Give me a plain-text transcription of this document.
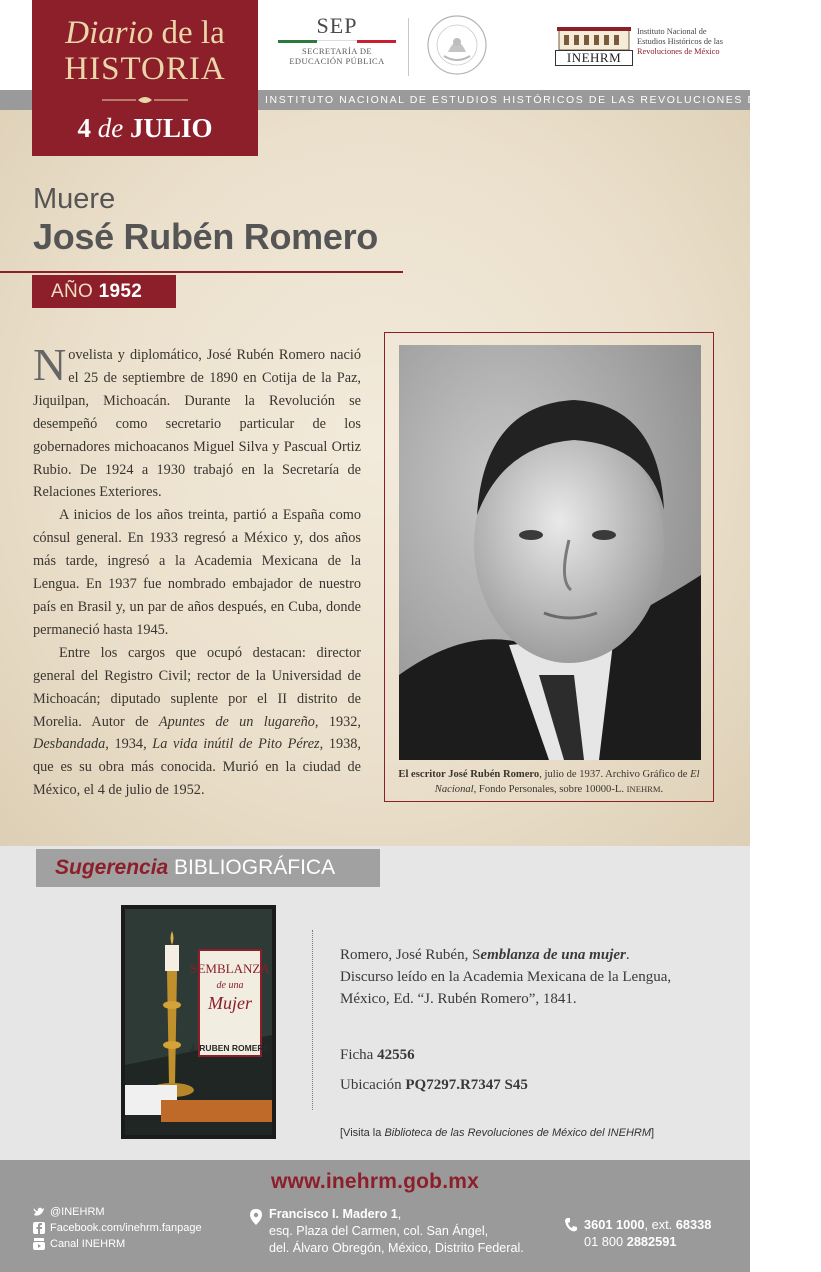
INSTITUTO NACIONAL DE ESTUDIOS HISTÓRICOS DE LAS REVOLUCIONES DE MÉXICO
Diario de la
HISTORIA
4 de JULIO
SEP
SECRETARÍA DE
EDUCACIÓN PÚBLICA	INEHRM
Instituto Nacional de
Estudios Históricos de las
Revoluciones de México
Muere
José Rubén Romero
AÑO 1952

Novelista y diplomático, José Rubén Romero nació el 25 de septiembre de 1890 en Cotija de la Paz, Jiquilpan, Michoacán. Durante la Revolución se desempeñó como secretario particular de los gobernadores michoacanos Miguel Silva y Pascual Ortiz Rubio. De 1924 a 1930 trabajó en la Secretaría de Relaciones Exteriores.

A inicios de los años treinta, partió a España como cónsul general. En 1933 regresó a México y, dos años más tarde, ingresó a la Academia Mexicana de la Lengua. En 1937 fue nombrado embajador de nuestro país en Brasil y, un par de años después, en Cuba, donde permaneció hasta 1945.

Entre los cargos que ocupó destacan: director general del Registro Civil; rector de la Universidad de Michoacán; diputado suplente por el II distrito de Morelia. Autor de Apuntes de un lugareño, 1932, Desbandada, 1934, La vida inútil de Pito Pérez, 1938, que es su obra más conocida. Murió en la ciudad de México, el 4 de julio de 1952.

El escritor José Rubén Romero, julio de 1937. Archivo Gráfico de El Nacional, Fondo Personales, sobre 10000-L. INEHRM.
Sugerencia BIBLIOGRÁFICA
SEMBLANZA
de una
Mujer
J. RUBEN ROMERO
Romero, José Rubén, Semblanza de una mujer. Discurso leído en la Academia Mexicana de la Lengua, México, Ed. “J. Rubén Romero”, 1841.
Ficha 42556
Ubicación PQ7297.R7347 S45
[Visita la Biblioteca de las Revoluciones de México del INEHRM]
www.inehrm.gob.mx
@INEHRM
Facebook.com/inehrm.fanpage
Canal INEHRM
Francisco I. Madero 1,
esq. Plaza del Carmen, col. San Ángel,
del. Álvaro Obregón, México, Distrito Federal.
3601 1000, ext. 68338
01 800 2882591
